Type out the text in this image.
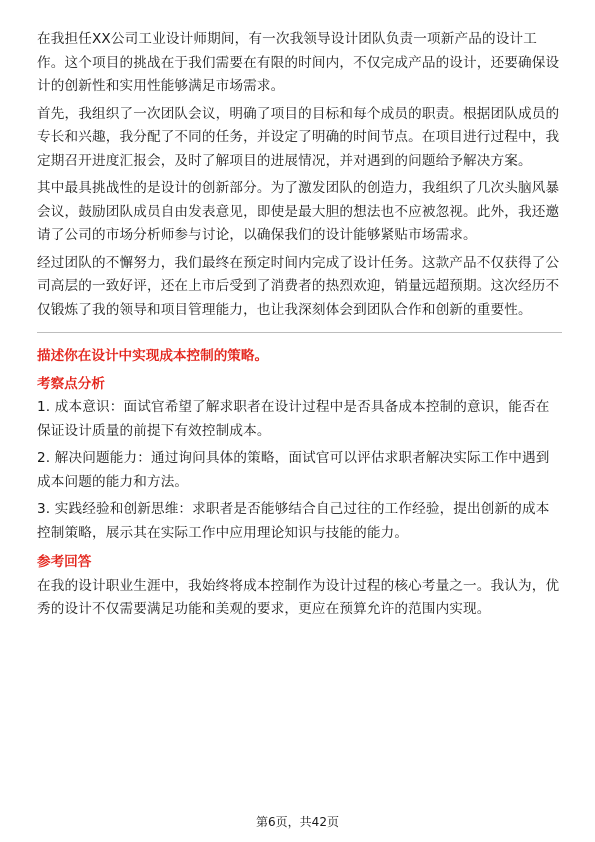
在我担任XX公司工业设计师期间，有一次我领导设计团队负责一项新产品的设计工作。这个项目的挑战在于我们需要在有限的时间内，不仅完成产品的设计，还要确保设计的创新性和实用性能够满足市场需求。

首先，我组织了一次团队会议，明确了项目的目标和每个成员的职责。根据团队成员的专长和兴趣，我分配了不同的任务，并设定了明确的时间节点。在项目进行过程中，我定期召开进度汇报会，及时了解项目的进展情况，并对遇到的问题给予解决方案。

其中最具挑战性的是设计的创新部分。为了激发团队的创造力，我组织了几次头脑风暴会议，鼓励团队成员自由发表意见，即使是最大胆的想法也不应被忽视。此外，我还邀请了公司的市场分析师参与讨论，以确保我们的设计能够紧贴市场需求。

经过团队的不懈努力，我们最终在预定时间内完成了设计任务。这款产品不仅获得了公司高层的一致好评，还在上市后受到了消费者的热烈欢迎，销量远超预期。这次经历不仅锻炼了我的领导和项目管理能力，也让我深刻体会到团队合作和创新的重要性。

描述你在设计中实现成本控制的策略。

考察点分析

1. 成本意识：面试官希望了解求职者在设计过程中是否具备成本控制的意识，能否在保证设计质量的前提下有效控制成本。

2. 解决问题能力：通过询问具体的策略，面试官可以评估求职者解决实际工作中遇到成本问题的能力和方法。

3. 实践经验和创新思维：求职者是否能够结合自己过往的工作经验，提出创新的成本控制策略，展示其在实际工作中应用理论知识与技能的能力。

参考回答

在我的设计职业生涯中，我始终将成本控制作为设计过程的核心考量之一。我认为，优秀的设计不仅需要满足功能和美观的要求，更应在预算允许的范围内实现。

第6页，共42页
